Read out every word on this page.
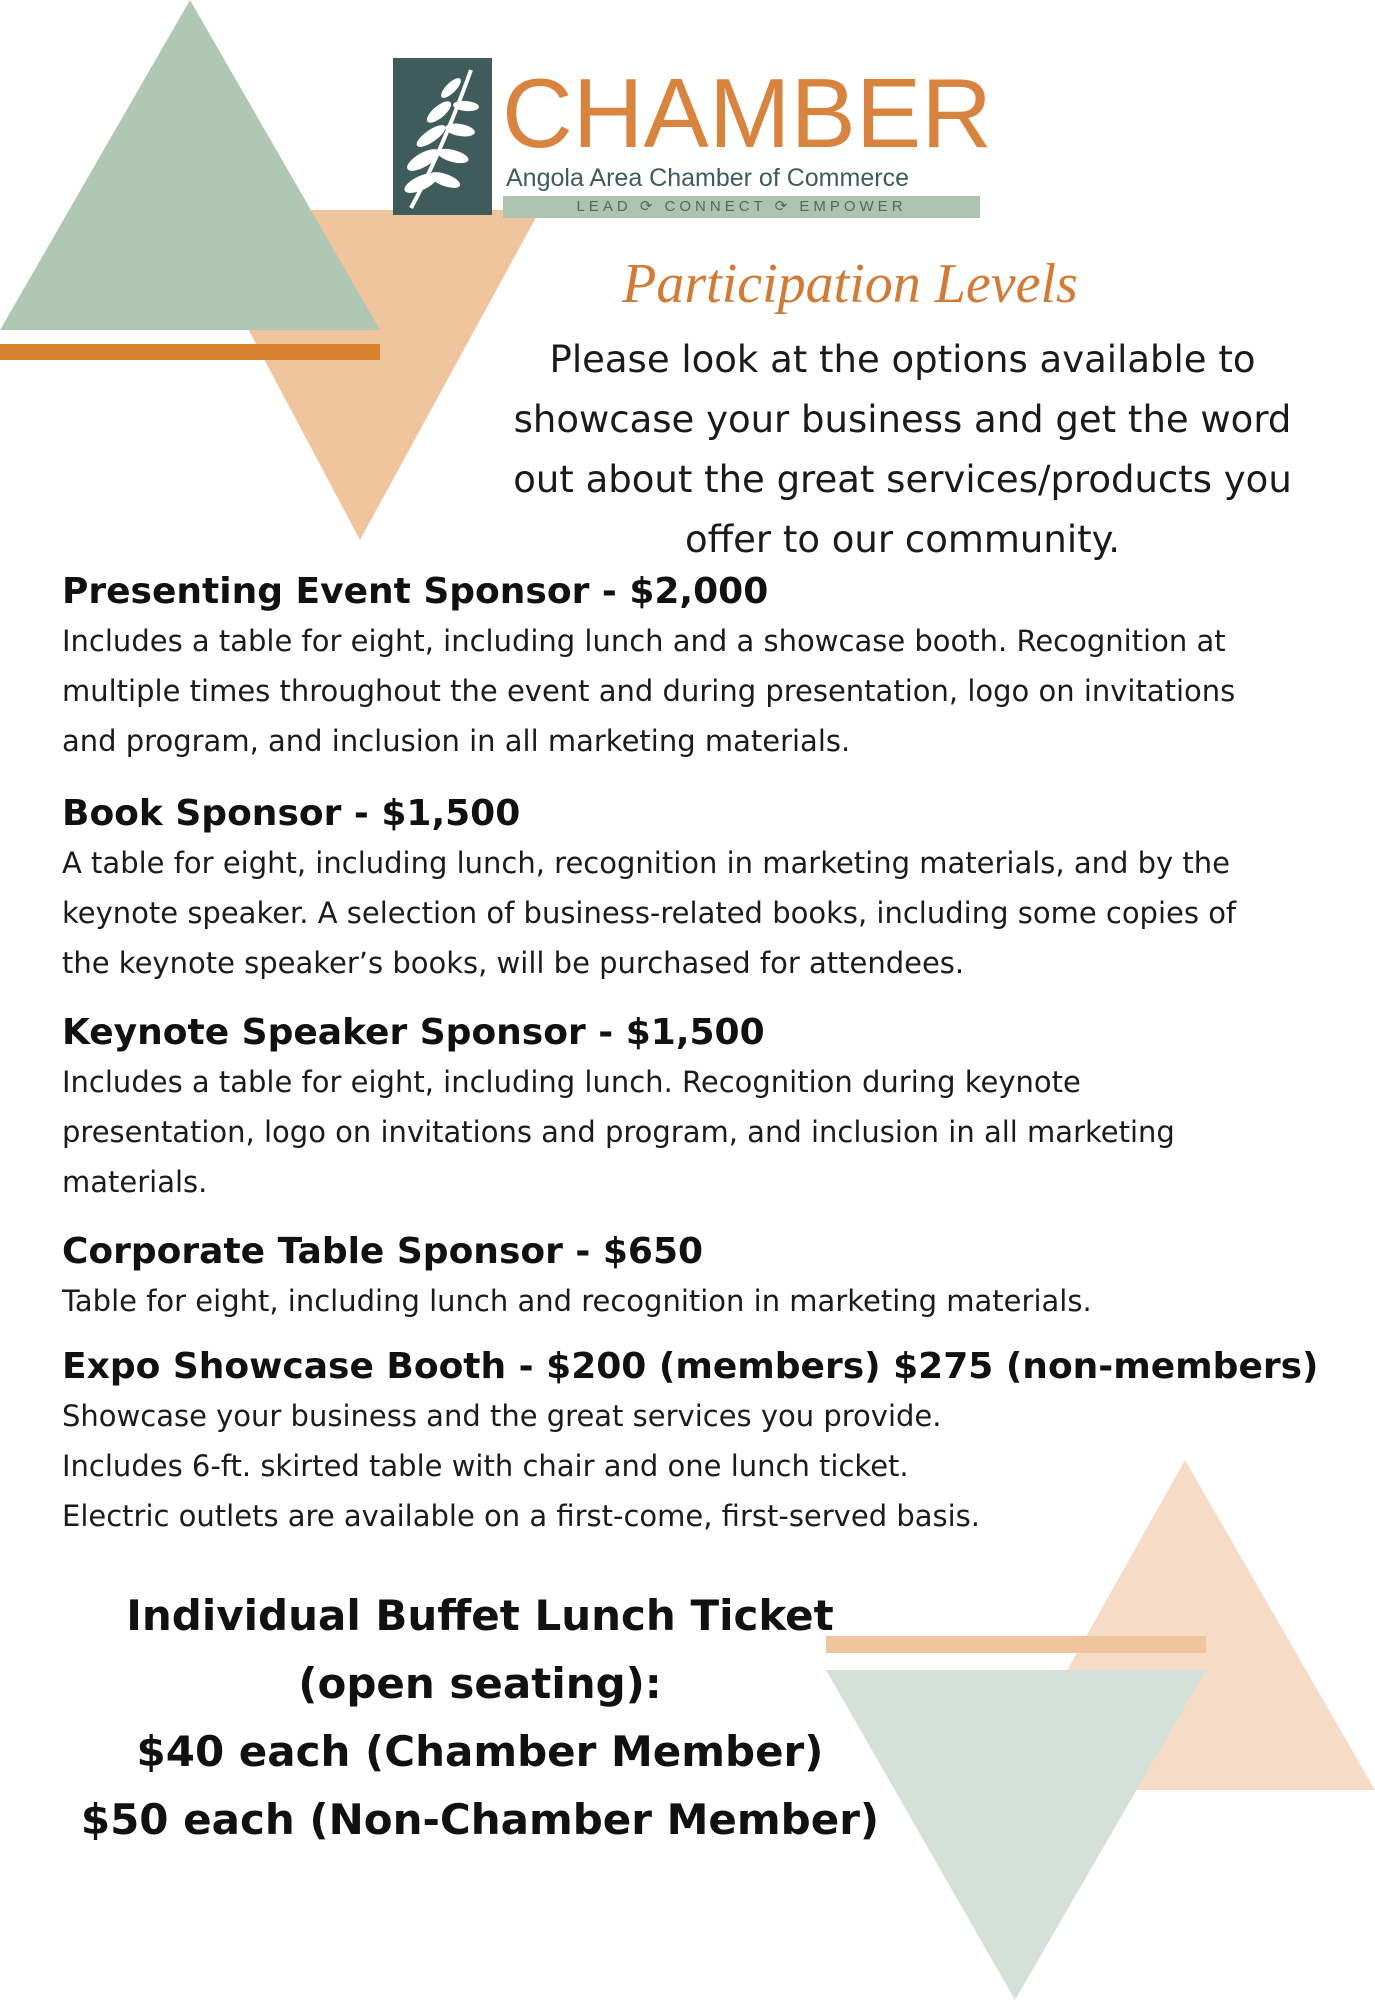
CHAMBER
Angola Area Chamber of Commerce
LEAD ⟳ CONNECT ⟳ EMPOWER
Participation Levels
Please look at the options available to
showcase your business and get the word
out about the great services/products you
offer to our community.
Presenting Event Sponsor - $2,000
Includes a table for eight, including lunch and a showcase booth. Recognition at
multiple times throughout the event and during presentation, logo on invitations
and program, and inclusion in all marketing materials.
Book Sponsor - $1,500
A table for eight, including lunch, recognition in marketing materials, and by the
keynote speaker. A selection of business-related books, including some copies of
the keynote speaker’s books, will be purchased for attendees.
Keynote Speaker Sponsor - $1,500
Includes a table for eight, including lunch. Recognition during keynote
presentation, logo on invitations and program, and inclusion in all marketing
materials.
Corporate Table Sponsor - $650
Table for eight, including lunch and recognition in marketing materials.
Expo Showcase Booth - $200 (members) $275 (non-members)
Showcase your business and the great services you provide.
Includes 6-ft. skirted table with chair and one lunch ticket.
Electric outlets are available on a first-come, first-served basis.
Individual Buffet Lunch Ticket
(open seating):
$40 each (Chamber Member)
$50 each (Non-Chamber Member)
